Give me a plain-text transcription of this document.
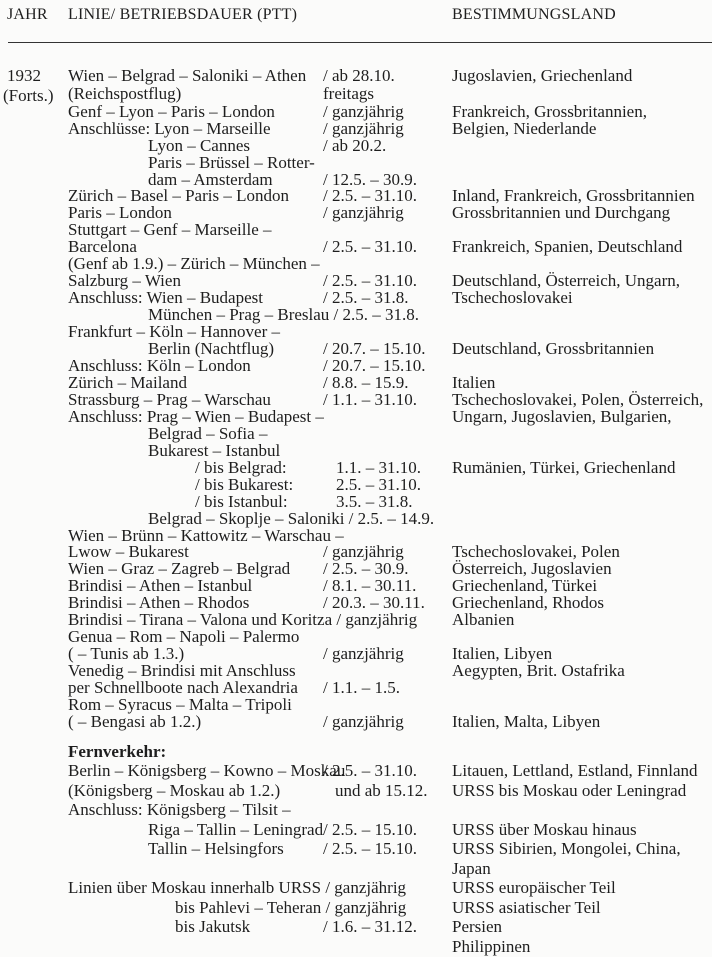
JAHR LINIE/ BETRIEBSDAUER (PTT)	BESTIMMUNGSLAND
1932
(Forts.)
Wien – Belgrad – Saloniki – Athen / ab 28.10.	Jugoslavien, Griechenland
(Reichspostflug)	freitags
Genf – Lyon – Paris – London	/ ganzjährig	Frankreich, Grossbritannien,
Anschlüsse: Lyon – Marseille	/ ganzjährig	Belgien, Niederlande
Lyon – Cannes	/ ab 20.2.
Paris – Brüssel – Rotter-
dam – Amsterdam	/ 12.5. – 30.9.
Zürich – Basel – Paris – London / 2.5. – 31.10. Inland, Frankreich, Grossbritannien
Paris – London	/ ganzjährig	Grossbritannien und Durchgang
Stuttgart – Genf – Marseille –
Barcelona	/ 2.5. – 31.10. Frankreich, Spanien, Deutschland
(Genf ab 1.9.) – Zürich – München –
Salzburg – Wien	/ 2.5. – 31.10. Deutschland, Österreich, Ungarn,
Anschluss: Wien – Budapest	/ 2.5. – 31.8.	Tschechoslovakei
München – Prag – Breslau / 2.5. – 31.8.
Frankfurt – Köln – Hannover –
Berlin (Nachtflug)	/ 20.7. – 15.10. Deutschland, Grossbritannien
Anschluss: Köln – London	/ 20.7. – 15.10.
Zürich – Mailand	/ 8.8. – 15.9.	Italien
Strassburg – Prag – Warschau	/ 1.1. – 31.10. Tschechoslovakei, Polen, Österreich,
Anschluss: Prag – Wien – Budapest –	Ungarn, Jugoslavien, Bulgarien,
Belgrad – Sofia –
Bukarest – Istanbul
/ bis Belgrad:	1.1. – 31.10. Rumänien, Türkei, Griechenland
/ bis Bukarest:	2.5. – 31.10.
/ bis Istanbul:	3.5. – 31.8.
Belgrad – Skoplje – Saloniki / 2.5. – 14.9.
Wien – Brünn – Kattowitz – Warschau –
Lwow – Bukarest	/ ganzjährig	Tschechoslovakei, Polen
Wien – Graz – Zagreb – Belgrad / 2.5. – 30.9.	Österreich, Jugoslavien
Brindisi – Athen – Istanbul	/ 8.1. – 30.11. Griechenland, Türkei
Brindisi – Athen – Rhodos	/ 20.3. – 30.11. Griechenland, Rhodos
Brindisi – Tirana – Valona und Koritza / ganzjährig Albanien
Genua – Rom – Napoli – Palermo
( – Tunis ab 1.3.)	/ ganzjährig	Italien, Libyen
Venedig – Brindisi mit Anschluss	Aegypten, Brit. Ostafrika
per Schnellboote nach Alexandria / 1.1. – 1.5.
Rom – Syracus – Malta – Tripoli
( – Bengasi ab 1.2.)	/ ganzjährig	Italien, Malta, Libyen
Fernverkehr:
Berlin – Königsberg – Kowno – Moskau
/ 2.5. – 31.10. Litauen, Lettland, Estland, Finnland
(Königsberg – Moskau ab 1.2.)	und ab 15.12. URSS bis Moskau oder Leningrad
Anschluss: Königsberg – Tilsit –
Riga – Tallin – Leningrad / 2.5. – 15.10. URSS über Moskau hinaus
Tallin – Helsingfors / 2.5. – 15.10. URSS Sibirien, Mongolei, China,
Japan
Linien über Moskau innerhalb URSS / ganzjährig	URSS europäischer Teil
bis Pahlevi – Teheran / ganzjährig	URSS asiatischer Teil
bis Jakutsk	/ 1.6. – 31.12. Persien
Philippinen
